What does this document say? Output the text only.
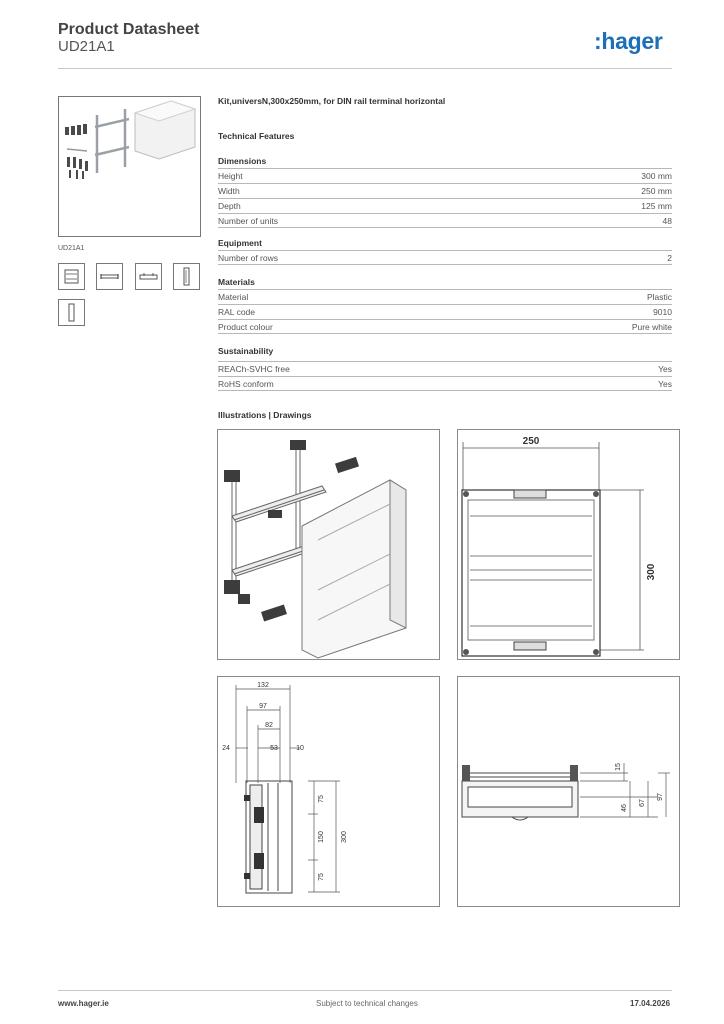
Product Datasheet
UD21A1	:hager
UD21A1
Kit,universN,300x250mm, for DIN rail terminal horizontal
Technical Features
Dimensions
Height	300 mm
Width	250 mm
Depth	125 mm
Number of units	48
Equipment
Number of rows	2
Materials
Material	Plastic
RAL code	9010
Product colour	Pure white
Sustainability
REACh-SVHC free	Yes
RoHS conform	Yes
Illustrations | Drawings
250
300
132
97
82
24	53	10
75
150
75
300
15
46
67
97
www.hager.ie	Subject to technical changes	17.04.2026
